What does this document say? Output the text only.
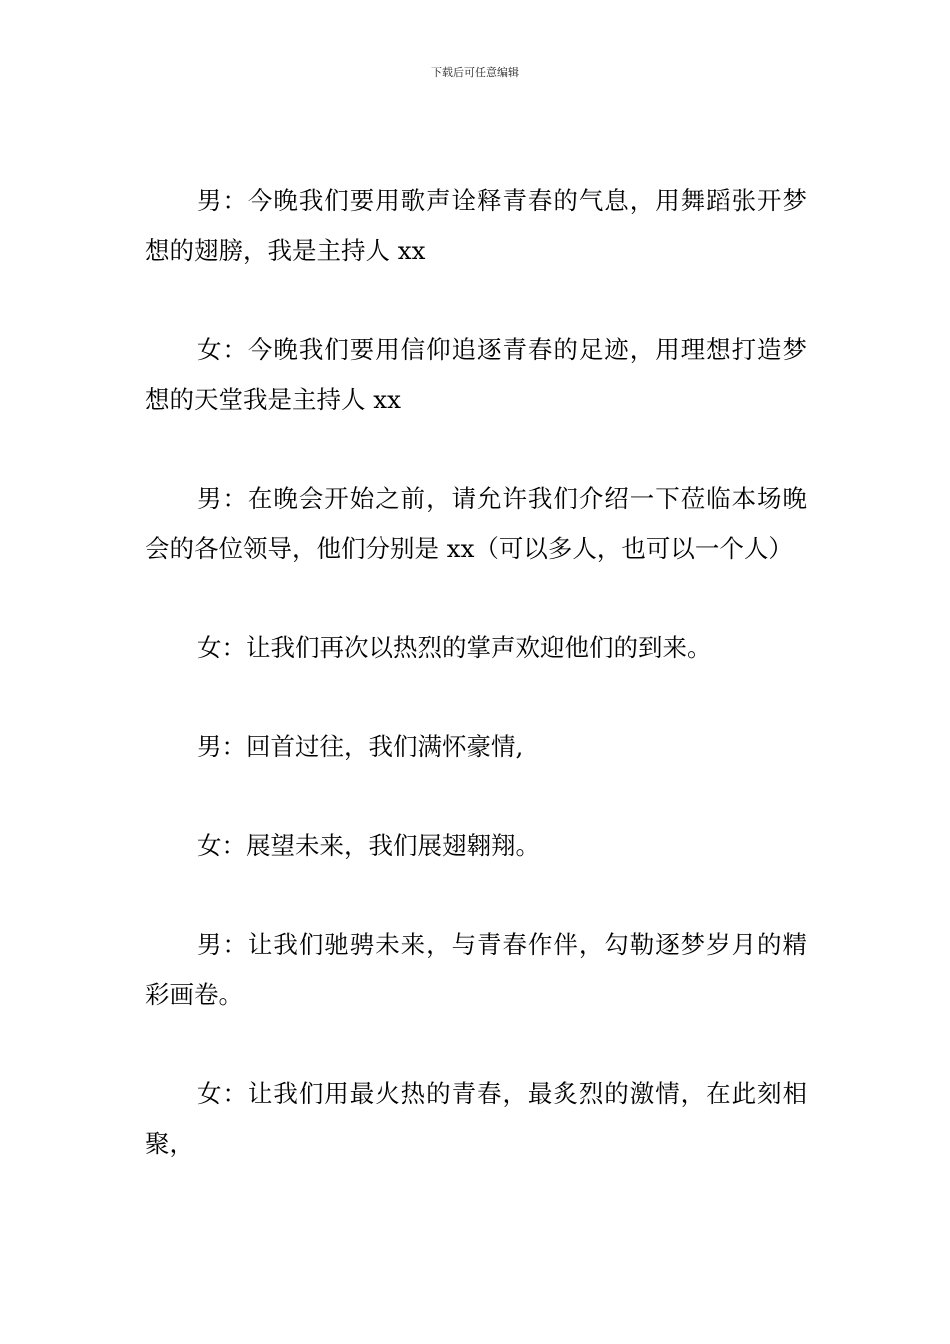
下载后可任意编辑

男：今晚我们要用歌声诠释青春的气息，用舞蹈张开梦想的翅膀，我是主持人 xx

女：今晚我们要用信仰追逐青春的足迹，用理想打造梦想的天堂我是主持人 xx

男：在晚会开始之前，请允许我们介绍一下莅临本场晚会的各位领导，他们分别是 xx（可以多人，也可以一个人）

女：让我们再次以热烈的掌声欢迎他们的到来。

男：回首过往，我们满怀豪情,

女：展望未来，我们展翅翱翔。

男：让我们驰骋未来，与青春作伴，勾勒逐梦岁月的精彩画卷。

女：让我们用最火热的青春，最炙烈的激情，在此刻相聚，
